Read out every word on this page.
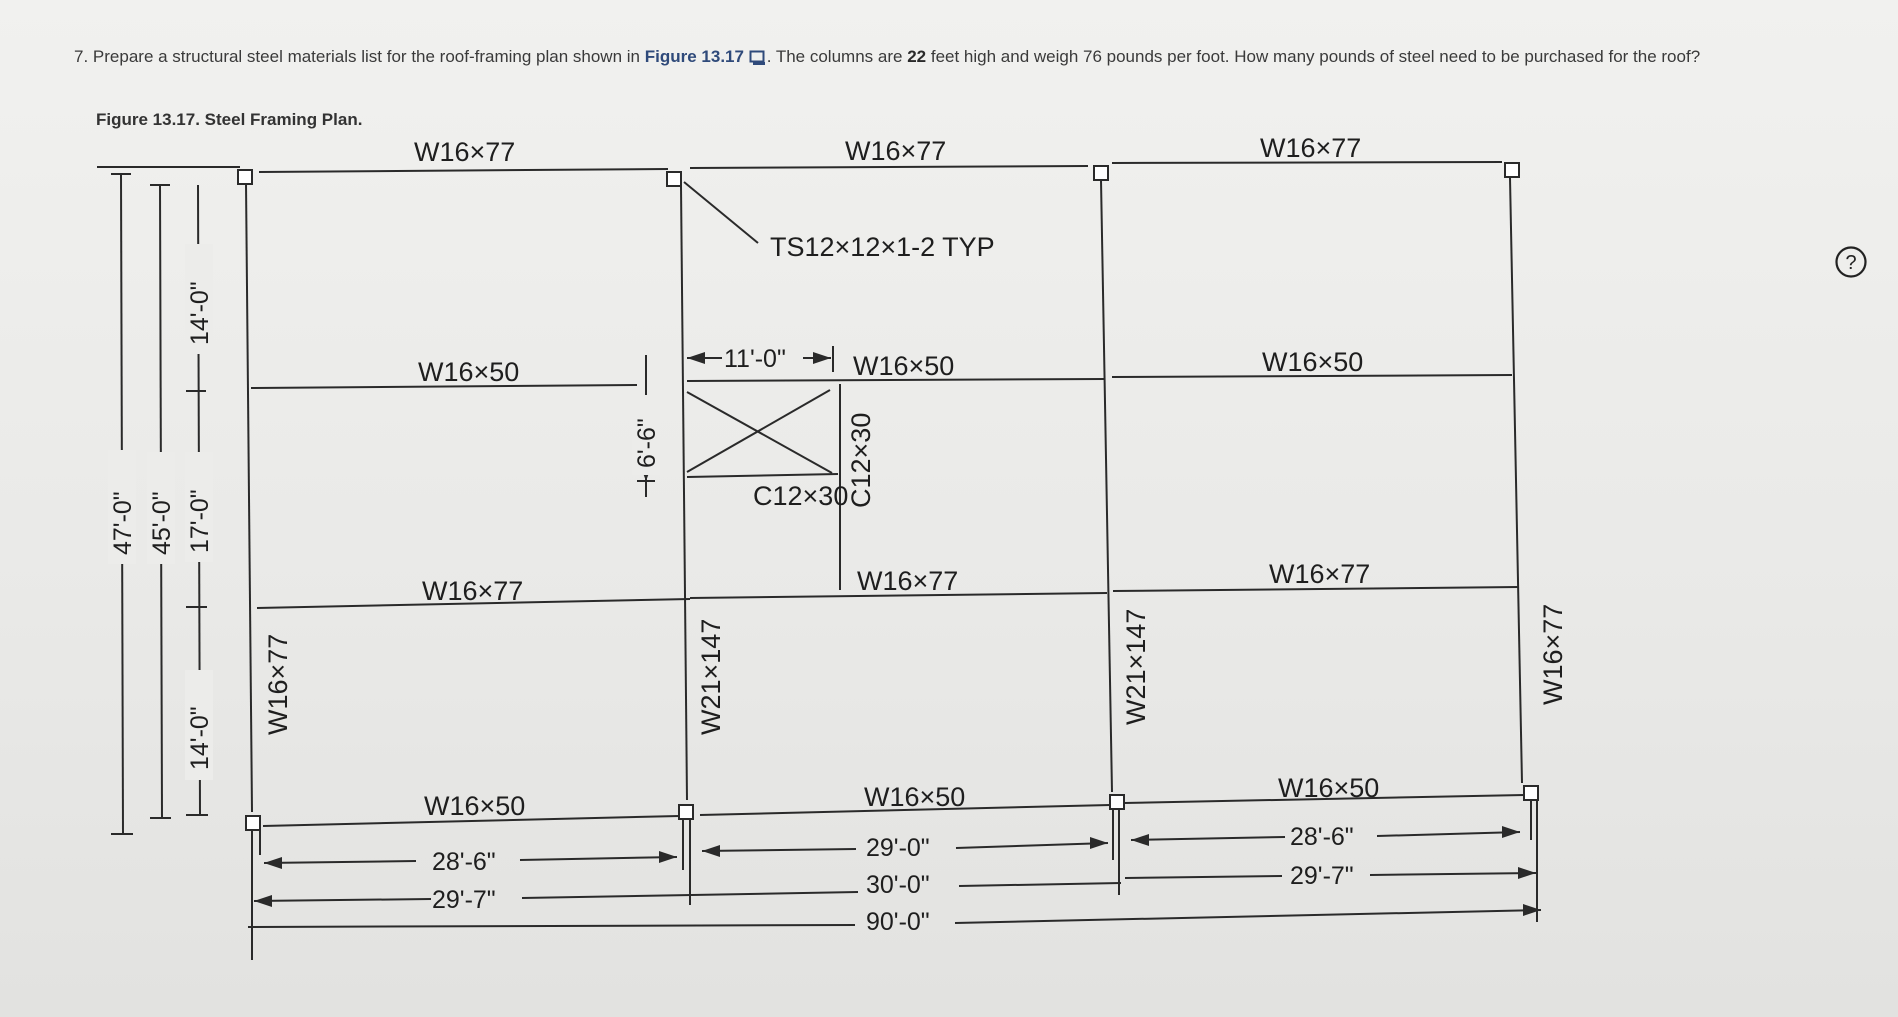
7. Prepare a structural steel materials list for the roof-framing plan shown in Figure 13.17 . The columns are 22 feet high and weigh 76 pounds per foot. How many pounds of steel need to be purchased for the roof?
Figure 13.17. Steel Framing Plan.
?
W16×77	W16×77	W16×77
W16×50	W16×50	W16×50
W16×77	W16×77	W16×77
W16×50	W16×50	W16×50
C12×30
TS12×12×1-2 TYP
W16×77	W21×147	W21×147	W16×77
C12×30
47'-0" 45'-0"
14'-0"
17'-0"
14'-0"
6'-6"
11'-0"
28'-6"
29'-7"
29'-0"
30'-0"
90'-0"
28'-6"
29'-7"
